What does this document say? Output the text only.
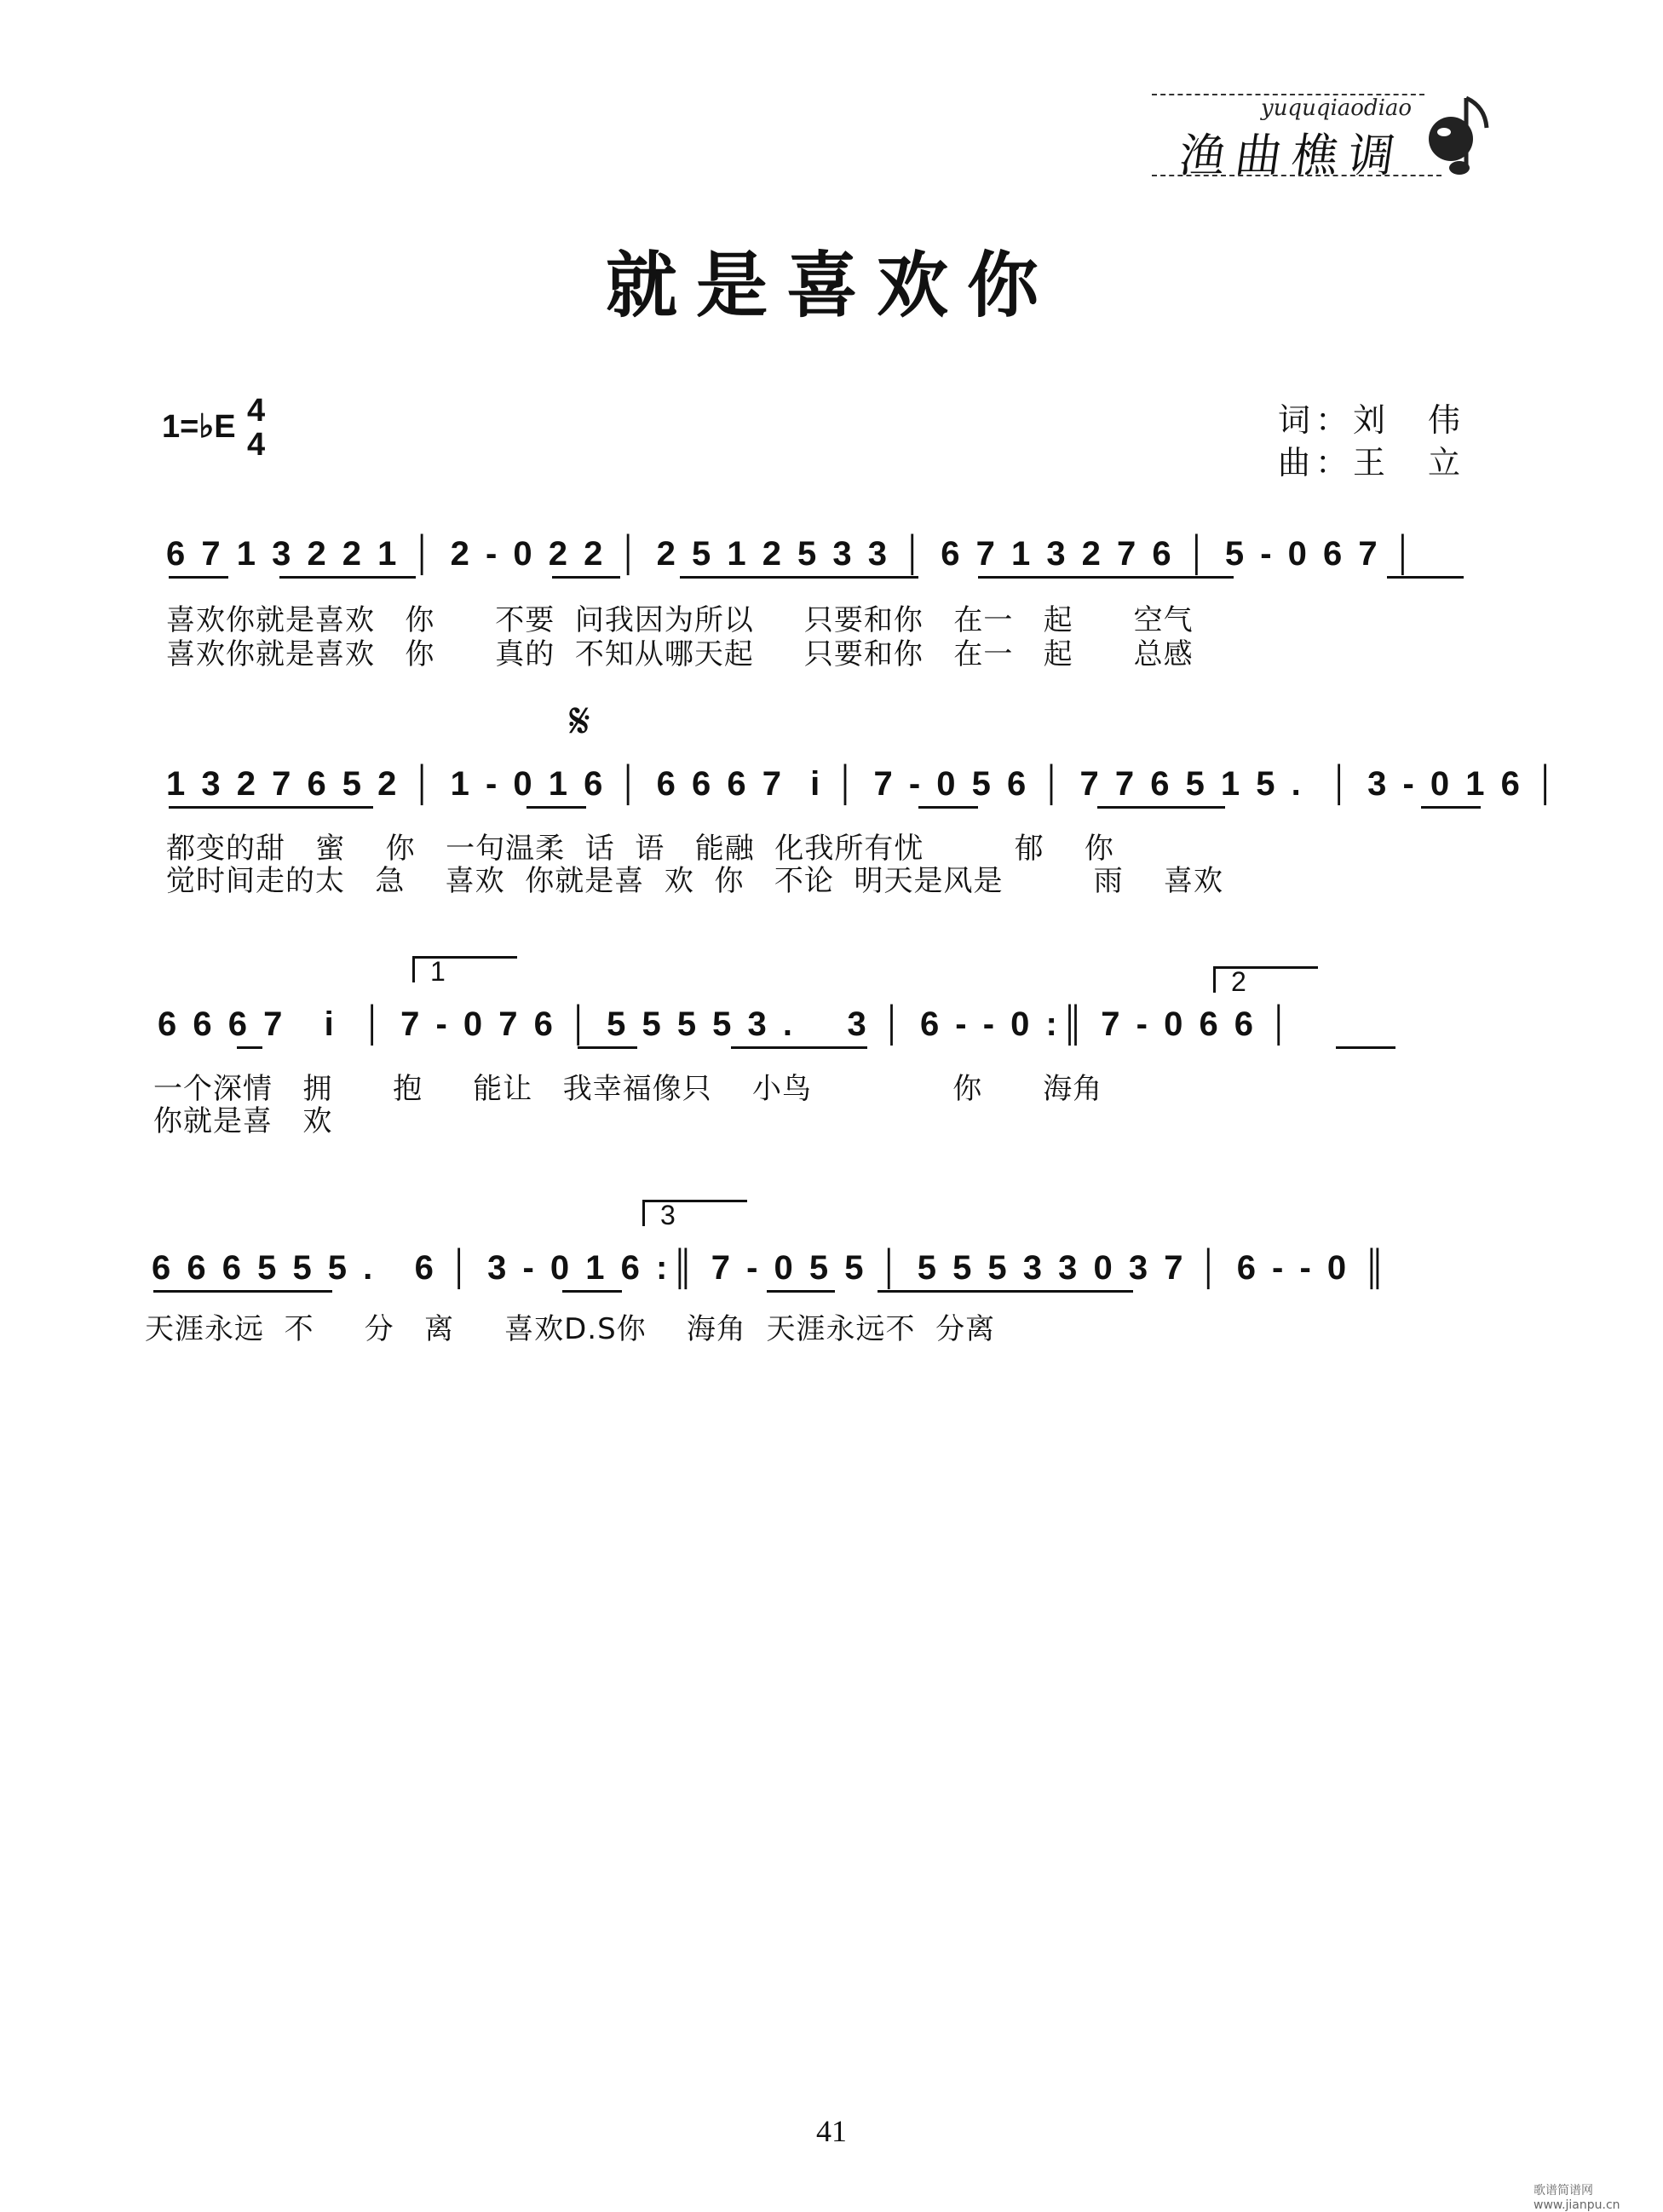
yuquqiaodiao
渔曲樵调
就是喜欢你
1=♭E 4
4
词：刘　伟
曲：王　立
6 7 1 3 2 2 1 │ 2 - 0 2 2 │ 2 5 1 2 5 3 3 │ 6 7 1 3 2 7 6 │ 5 - 0 6 7 │
喜欢你就是喜欢   你      不要  问我因为所以     只要和你   在一   起      空气
喜欢你就是喜欢   你      真的  不知从哪天起     只要和你   在一   起      总感
𝄋
1 3 2 7 6 5 2 │ 1 - 0 1 6 │ 6 6 6 7  i │ 7 - 0 5 6 │ 7 7 6 5 1 5 .  │ 3 - 0 1 6 │
都变的甜   蜜    你   一句温柔  话  语   能融  化我所有忧         郁    你
觉时间走的太   急    喜欢  你就是喜  欢  你   不论  明天是风是         雨    喜欢
1	2
6 6 6 7   i  │ 7 - 0 7 6 │ 5 5 5 5 3 .    3 │ 6 - - 0 :║ 7 - 0 6 6 │
一个深情   拥      抱     能让   我幸福像只    小鸟              你      海角
你就是喜   欢
3
6 6 6 5 5 5 .   6 │ 3 - 0 1 6 :║ 7 - 0 5 5 │ 5 5 5 3 3 0 3 7 │ 6 - - 0 ║
天涯永远  不     分   离     喜欢D.S你    海角  天涯永远不  分离
41
歌谱简谱网 www.jianpu.cn
